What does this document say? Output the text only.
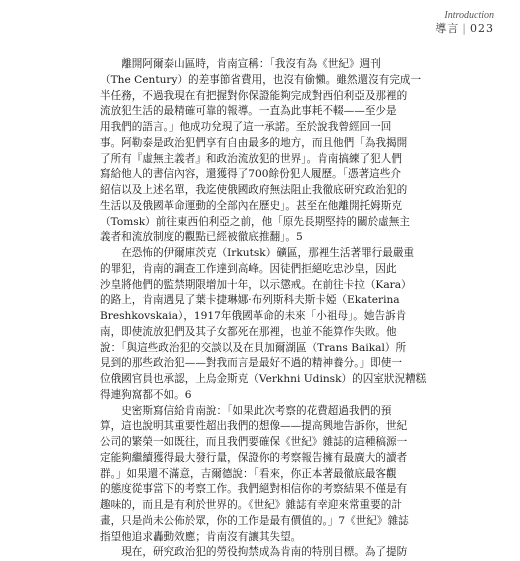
Introduction
導言 | 023
離開阿爾泰山區時，肯南宣稱：「我沒有為《世紀》週刊
（The Century）的差事節省費用，也沒有偷懶。雖然還沒有完成一
半任務，不過我現在有把握對你保證能夠完成對西伯利亞及那裡的
流放犯生活的最精確可靠的報導。一直為此事耗不輟——至少是
用我們的語言。」他成功兌現了這一承諾。至於說我曾經回一回
事。阿勒泰是政治犯們享有自由最多的地方，而且他們「為我揭開
了所有『虛無主義者』和政治流放犯的世界」。肯南搞練了犯人們
寫給他人的書信內容，還獲得了700餘份犯人履歷。「憑著這些介
紹信以及上述名單，我迄使俄國政府無法阻止我徹底研究政治犯的
生活以及俄國革命運動的全部內在歷史」。甚至在他離開托姆斯克
（Tomsk）前往東西伯利亞之前，他「原先長期堅持的關於虛無主
義者和流放制度的觀點已經被徹底推翻」。5
在恐怖的伊爾庫茨克（Irkutsk）礦區，那裡生活著罪行最嚴重
的罪犯，肯南的調查工作達到高峰。因徒們拒絕吃忠沙皇，因此
沙皇將他們的監禁期限增加十年，以示懲戒。在前往卡拉（Kara）
的路上，肯南遇見了葉卡捷琳娜·布列斯科夫斯卡婭（Ekaterina
Breshkovskaia），1917年俄國革命的未來「小祖母」。她告訴肯
南，即使流放犯們及其子女都死在那裡，也並不能算作失敗。他
說：「與這些政治犯的交談以及在貝加爾湖區（Trans Baikal）所
見到的那些政治犯——對我而言是最好不過的精神養分。」即使一
位俄國官員也承認，上烏金斯克（Verkhni Udinsk）的囚室狀況糟糕
得連狗窩都不如。6
史密斯寫信給肯南說：「如果此次考察的花費超過我們的預
算，這也說明其重要性超出我們的想像——提高興地告訴你，世紀
公司的繁榮一如既往，而且我們要確保《世紀》雜誌的這種稿源一
定能夠繼續獲得最大發行量，保證你的考察報告擁有最廣大的讀者
群。」如果還不滿意，吉爾德說：「看來，你正本著最徹底最客觀
的態度從事當下的考察工作。我們絕對相信你的考察結果不僅是有
趣味的，而且是有利於世界的。《世紀》雜誌有幸迎來常重要的計
畫，只是尚未公佈於眾，你的工作是最有價值的。」7《世紀》雜誌
指望他追求轟動效應；肯南沒有讓其失望。
現在，研究政治犯的勞役拘禁成為肯南的特別目標。為了提防
